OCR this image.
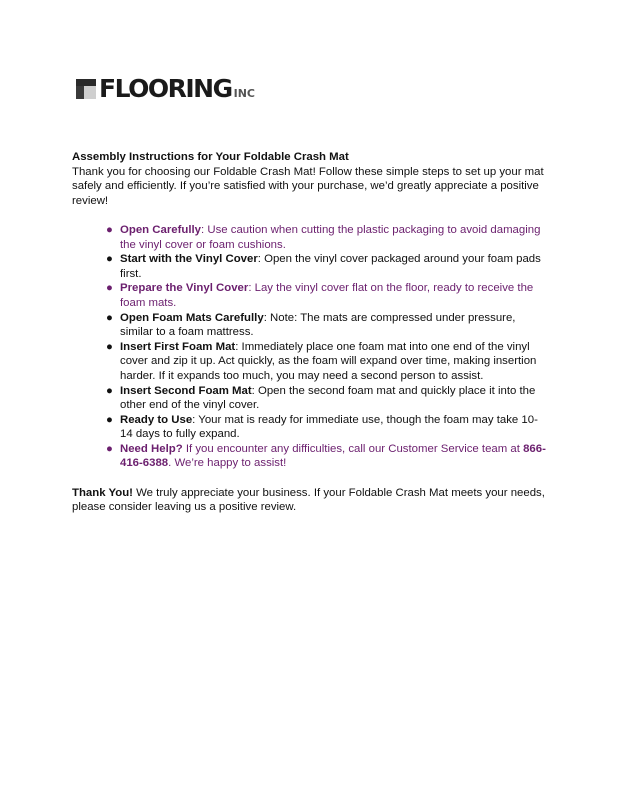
FLOORING INC
Assembly Instructions for Your Foldable Crash Mat

Thank you for choosing our Foldable Crash Mat! Follow these simple steps to set up your mat safely and efficiently. If you’re satisfied with your purchase, we’d greatly appreciate a positive review!

● Open Carefully: Use caution when cutting the plastic packaging to avoid damaging the vinyl cover or foam cushions.
● Start with the Vinyl Cover: Open the vinyl cover packaged around your foam pads first.
● Prepare the Vinyl Cover: Lay the vinyl cover flat on the floor, ready to receive the foam mats.
● Open Foam Mats Carefully: Note: The mats are compressed under pressure, similar to a foam mattress.
● Insert First Foam Mat: Immediately place one foam mat into one end of the vinyl cover and zip it up. Act quickly, as the foam will expand over time, making insertion harder. If it expands too much, you may need a second person to assist.
● Insert Second Foam Mat: Open the second foam mat and quickly place it into the other end of the vinyl cover.
● Ready to Use: Your mat is ready for immediate use, though the foam may take 10-14 days to fully expand.
● Need Help? If you encounter any difficulties, call our Customer Service team at 866-416-6388. We’re happy to assist!

Thank You! We truly appreciate your business. If your Foldable Crash Mat meets your needs, please consider leaving us a positive review.
